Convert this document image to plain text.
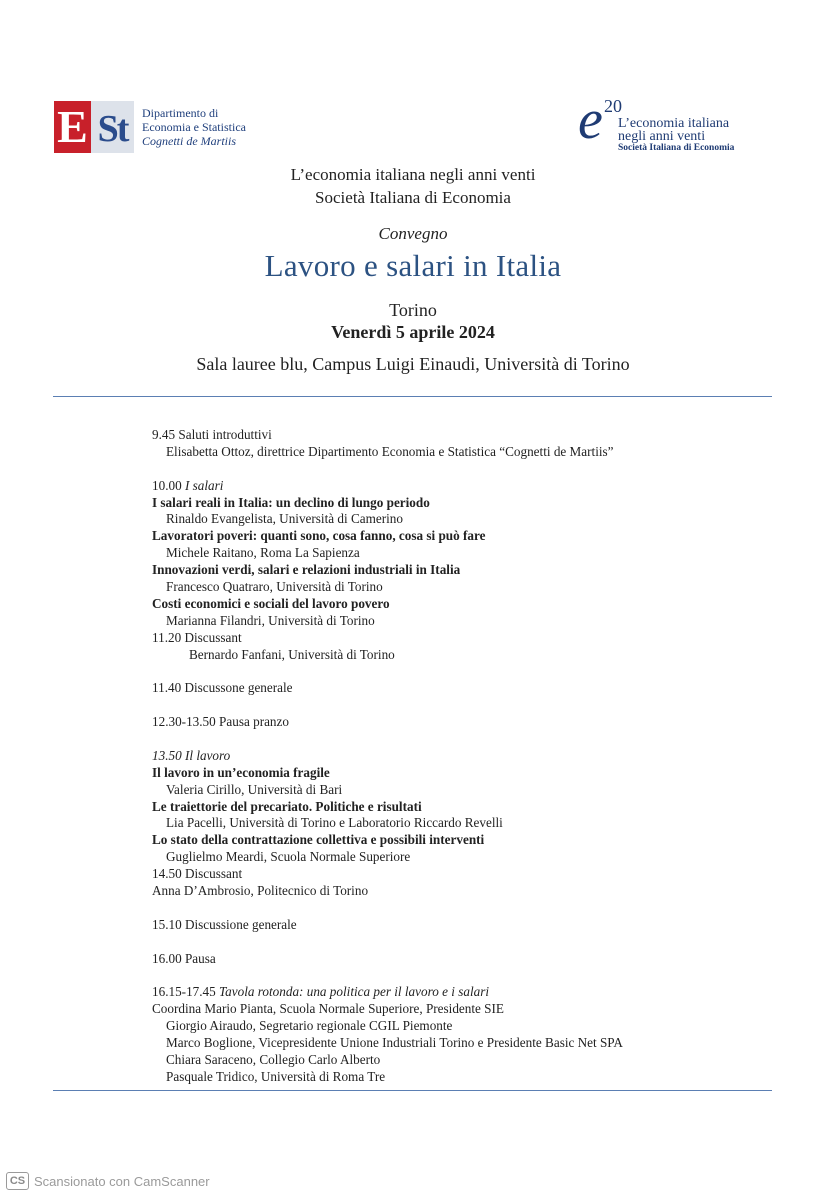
E St	Dipartimento di
Economia e Statistica
Cognetti de Martiis	e 20
L’economia italiana
negli anni venti
Società Italiana di Economia
L’economia italiana negli anni venti
Società Italiana di Economia
Convegno
Lavoro e salari in Italia
Torino
Venerdì 5 aprile 2024
Sala lauree blu, Campus Luigi Einaudi, Università di Torino
9.45 Saluti introduttivi
Elisabetta Ottoz, direttrice Dipartimento Economia e Statistica “Cognetti de Martiis”
10.00 I salari
I salari reali in Italia: un declino di lungo periodo
Rinaldo Evangelista, Università di Camerino
Lavoratori poveri: quanti sono, cosa fanno, cosa si può fare
Michele Raitano, Roma La Sapienza
Innovazioni verdi, salari e relazioni industriali in Italia
Francesco Quatraro, Università di Torino
Costi economici e sociali del lavoro povero
Marianna Filandri, Università di Torino
11.20 Discussant
Bernardo Fanfani, Università di Torino
11.40 Discussone generale
12.30-13.50 Pausa pranzo
13.50 Il lavoro
Il lavoro in un’economia fragile
Valeria Cirillo, Università di Bari
Le traiettorie del precariato. Politiche e risultati
Lia Pacelli, Università di Torino e Laboratorio Riccardo Revelli
Lo stato della contrattazione collettiva e possibili interventi
Guglielmo Meardi, Scuola Normale Superiore
14.50 Discussant
Anna D’Ambrosio, Politecnico di Torino
15.10 Discussione generale
16.00 Pausa
16.15-17.45 Tavola rotonda: una politica per il lavoro e i salari
Coordina Mario Pianta, Scuola Normale Superiore, Presidente SIE
Giorgio Airaudo, Segretario regionale CGIL Piemonte
Marco Boglione, Vicepresidente Unione Industriali Torino e Presidente Basic Net SPA
Chiara Saraceno, Collegio Carlo Alberto
Pasquale Tridico, Università di Roma Tre
CS Scansionato con CamScanner
